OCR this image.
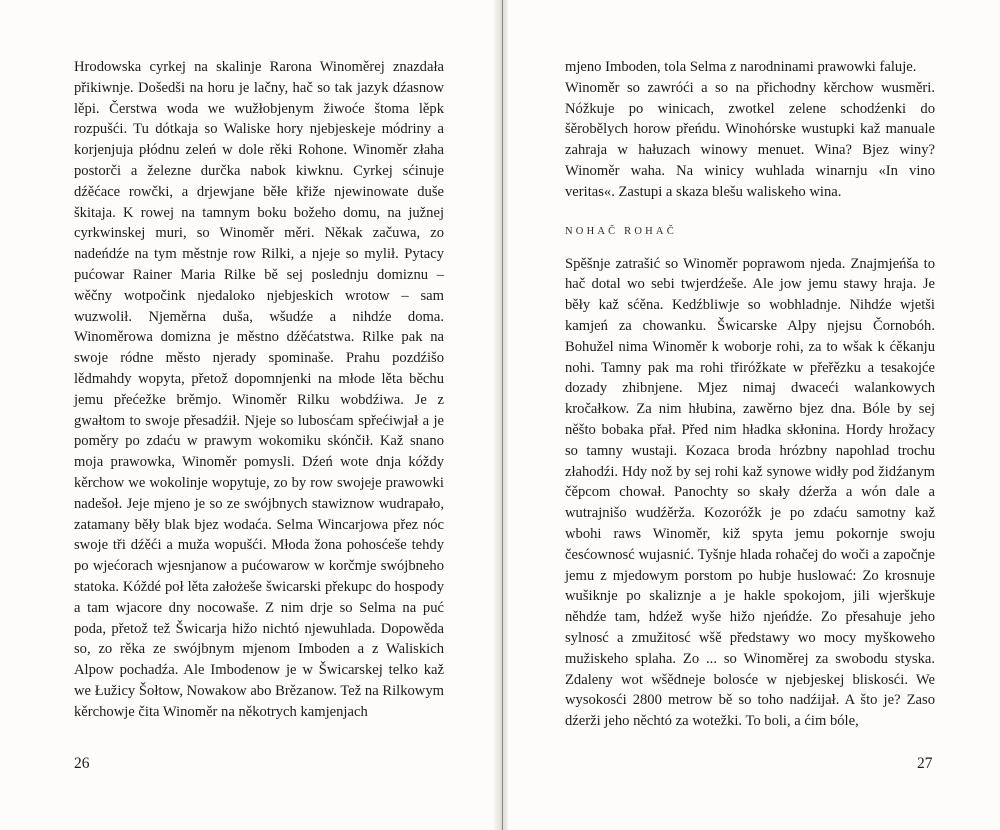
Hrodowska cyrkej na skalinje Rarona Winoměrej znazdała přikiwnje. Došedši na horu je lačny, hač so tak jazyk dźasnow lěpi. Čerstwa woda we wužłobjenym žiwoće štoma lěpk rozpušći. Tu dótkaja so Waliske hory njebjeskeje módriny a korjenjuja płódnu zeleń w dole rěki Rohone. Winoměr złaha postorči a železne durčka nabok kiwknu. Cyrkej sćinuje dźěćace rowčki, a drjewjane běłe křiže njewinowate duše škitaja. K rowej na tamnym boku božeho domu, na južnej cyrkwinskej muri, so Winoměr měri. Někak začuwa, zo nadeńdźe na tym městnje row Rilki, a njeje so mylił. Pytacy pućowar Rainer Maria Rilke bě sej poslednju domiznu – wěčny wotpočink njedaloko njebjeskich wrotow – sam wuzwolił. Njeměrna duša, wšudźe a nihdźe doma. Winoměrowa domizna je městno dźěćatstwa. Rilke pak na swoje ródne město njerady spominaše. Prahu pozdźišo lědmahdy wopyta, přetož dopomnjenki na młode lěta běchu jemu přećežke brěmjo. Winoměr Rilku wobdźiwa. Je z gwałtom to swoje přesadźił. Njeje so lubosćam spřećiwjał a je poměry po zdaću w prawym wokomiku skónčił. Kaž snano moja prawowka, Winoměr pomysli. Dźeń wote dnja kóždy kěrchow we wokolinje wopytuje, zo by row swojeje prawowki nadešoł. Jeje mjeno je so ze swójbnych stawiznow wudrapało, zatamany běły blak bjez wodaća. Selma Wincarjowa přez nóc swoje tři dźěći a muža wopušći. Młoda žona pohosćeše tehdy po wjećorach wjesnjanow a pućowarow w korčmje swójbneho statoka. Kóždé poł lěta założeše šwicarski překupc do hospody a tam wjacore dny nocowaše. Z nim drje so Selma na puć poda, přetož tež Šwicarja hižo nichtó njewuhlada. Dopowěda so, zo rěka ze swójbnym mjenom Imboden a z Waliskich Alpow pochadźa. Ale Imbodenow je w Šwicarskej telko kaž we Łužicy Šołtow, Nowakow abo Brězanow. Tež na Rilkowym kěrchowje čita Winoměr na někotrych kamjenjach

26

mjeno Imboden, tola Selma z narodninami prawowki faluje.

Winoměr so zawróći a so na přichodny kěrchow wusměri. Nóžkuje po winicach, zwotkel zelene schodźenki do šěrobělych horow přeńdu. Winohórske wustupki kaž manuale zahraja w hałuzach winowy menuet. Wina? Bjez winy? Winoměr waha. Na winicy wuhlada winarnju «In vino veritas«. Zastupi a skaza blešu waliskeho wina.

NOHAČ ROHAČ

Spěšnje zatrašić so Winoměr poprawom njeda. Znajmjeńša to hač dotal wo sebi twjerdźeše. Ale jow jemu stawy hraja. Je běły kaž sćěna. Kedźbliwje so wobhladnje. Nihdźe wjetši kamjeń za chowanku. Šwicarske Alpy njejsu Čornobóh. Bohužel nima Winoměr k woborje rohi, za to wšak k ćěkanju nohi. Tamny pak ma rohi třiróžkate w přeřězku a tesakojće dozady zhibnjene. Mjez nimaj dwaceći walankowych kročałkow. Za nim hłubina, zawěrno bjez dna. Bóle by sej něšto bobaka přał. Před nim hładka skłonina. Hordy hrožacy so tamny wustaji. Kozaca broda hrózbny napohlad trochu złahodźi. Hdy nož by sej rohi kaž synowe widły pod židźanym čěpcom chował. Panochty so skały dźerža a wón dale a wutrajnišo wudźěrža. Kozoróžk je po zdaću samotny kaž wbohi raws Winoměr, kiž spyta jemu pokornje swoju česćownosć wujasnić. Tyšnje hlada rohačej do woči a započnje jemu z mjedowym porstom po hubje huslować: Zo krosnuje wušiknje po skaliznje a je hakle spokojom, jili wjerškuje něhdźe tam, hdźež wyše hižo njeńdźe. Zo přesahuje jeho sylnosć a zmužitosć wšě předstawy wo mocy myškoweho mužiskeho splaha. Zo ... so Winoměrej za swobodu styska. Zdaleny wot wšědneje bolosće w njebjeskej bliskosći. We wysokosći 2800 metrow bě so toho nadźijał. A što je? Zaso dźerži jeho něchtó za wotežki. To boli, a ćim bóle,

27
